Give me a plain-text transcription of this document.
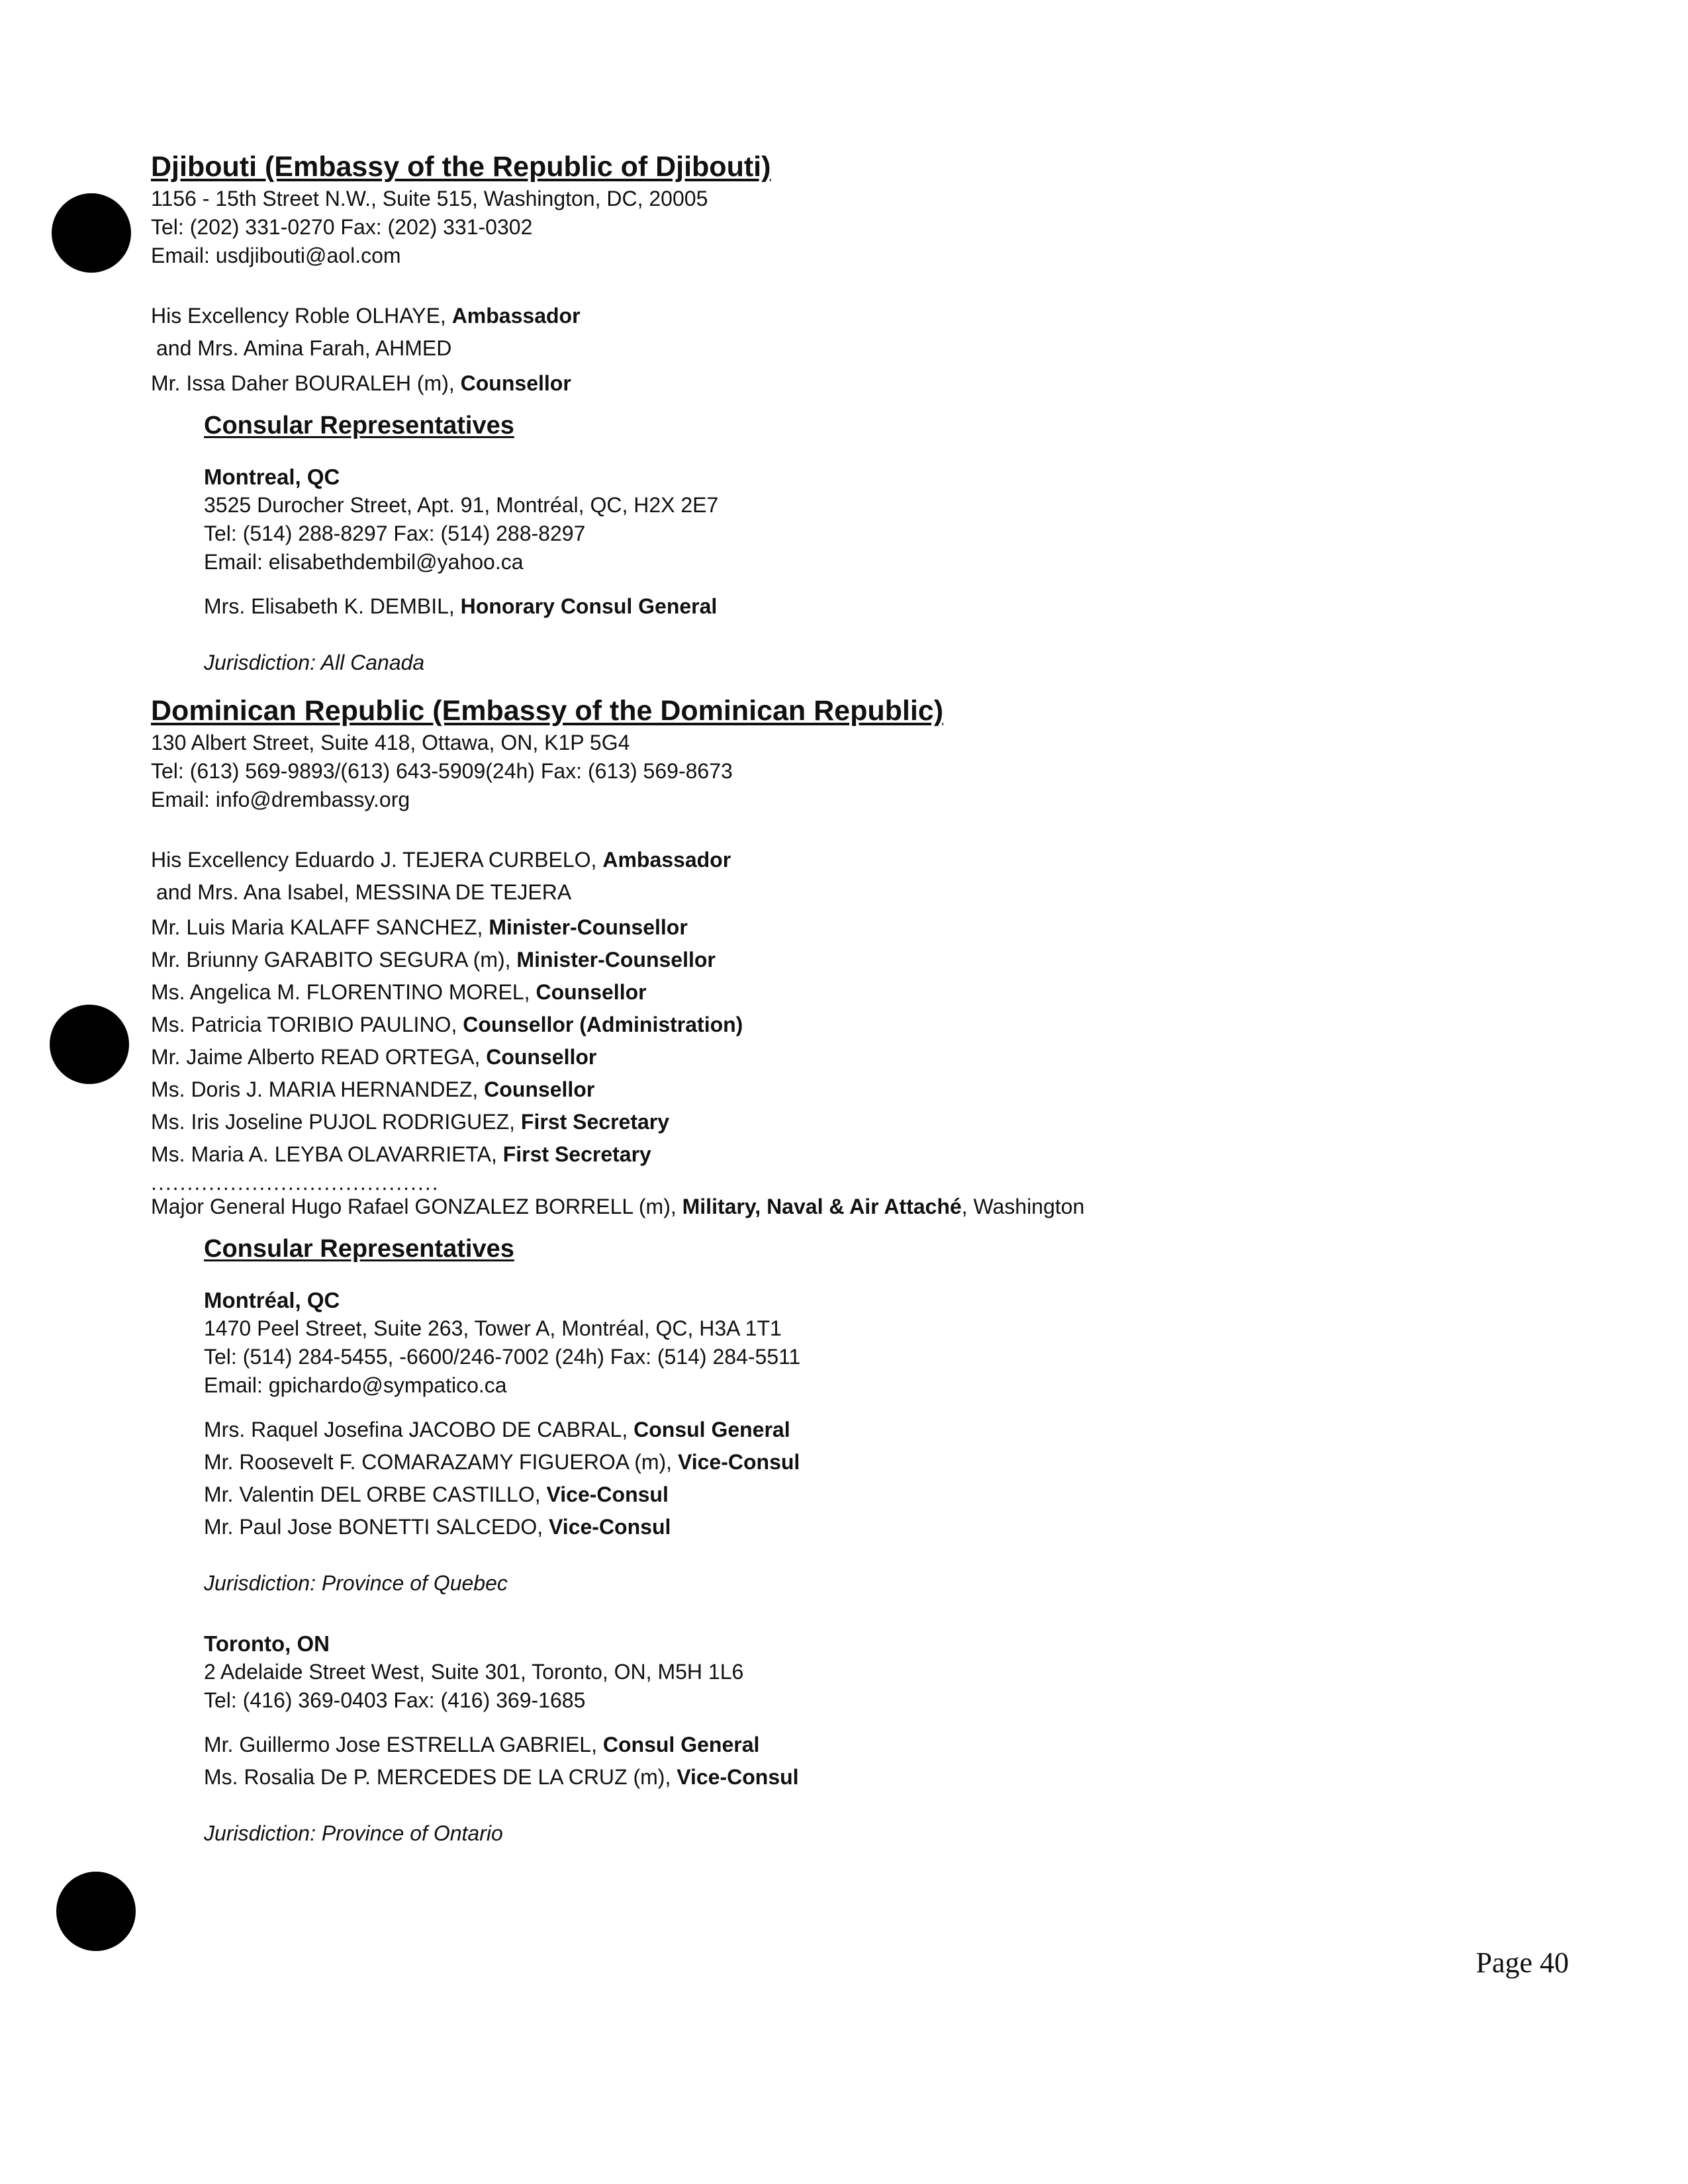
Djibouti (Embassy of the Republic of Djibouti)

1156 - 15th Street N.W., Suite 515, Washington, DC, 20005

Tel: (202) 331-0270 Fax: (202) 331-0302

Email: usdjibouti@aol.com

His Excellency Roble OLHAYE, Ambassador

and Mrs. Amina Farah, AHMED

Mr. Issa Daher BOURALEH (m), Counsellor

Consular Representatives

Montreal, QC

3525 Durocher Street, Apt. 91, Montréal, QC, H2X 2E7

Tel: (514) 288-8297 Fax: (514) 288-8297

Email: elisabethdembil@yahoo.ca

Mrs. Elisabeth K. DEMBIL, Honorary Consul General

Jurisdiction: All Canada

Dominican Republic (Embassy of the Dominican Republic)

130 Albert Street, Suite 418, Ottawa, ON, K1P 5G4

Tel: (613) 569-9893/(613) 643-5909(24h) Fax: (613) 569-8673

Email: info@drembassy.org

His Excellency Eduardo J. TEJERA CURBELO, Ambassador

and Mrs. Ana Isabel, MESSINA DE TEJERA

Mr. Luis Maria KALAFF SANCHEZ, Minister-Counsellor

Mr. Briunny GARABITO SEGURA (m), Minister-Counsellor

Ms. Angelica M. FLORENTINO MOREL, Counsellor

Ms. Patricia TORIBIO PAULINO, Counsellor (Administration)

Mr. Jaime Alberto READ ORTEGA, Counsellor

Ms. Doris J. MARIA HERNANDEZ, Counsellor

Ms. Iris Joseline PUJOL RODRIGUEZ, First Secretary

Ms. Maria A. LEYBA OLAVARRIETA, First Secretary

........................................

Major General Hugo Rafael GONZALEZ BORRELL (m), Military, Naval & Air Attaché, Washington

Consular Representatives

Montréal, QC

1470 Peel Street, Suite 263, Tower A, Montréal, QC, H3A 1T1

Tel: (514) 284-5455, -6600/246-7002 (24h) Fax: (514) 284-5511

Email: gpichardo@sympatico.ca

Mrs. Raquel Josefina JACOBO DE CABRAL, Consul General

Mr. Roosevelt F. COMARAZAMY FIGUEROA (m), Vice-Consul

Mr. Valentin DEL ORBE CASTILLO, Vice-Consul

Mr. Paul Jose BONETTI SALCEDO, Vice-Consul

Jurisdiction: Province of Quebec

Toronto, ON

2 Adelaide Street West, Suite 301, Toronto, ON, M5H 1L6

Tel: (416) 369-0403 Fax: (416) 369-1685

Mr. Guillermo Jose ESTRELLA GABRIEL, Consul General

Ms. Rosalia De P. MERCEDES DE LA CRUZ (m), Vice-Consul

Jurisdiction: Province of Ontario

Page 40
